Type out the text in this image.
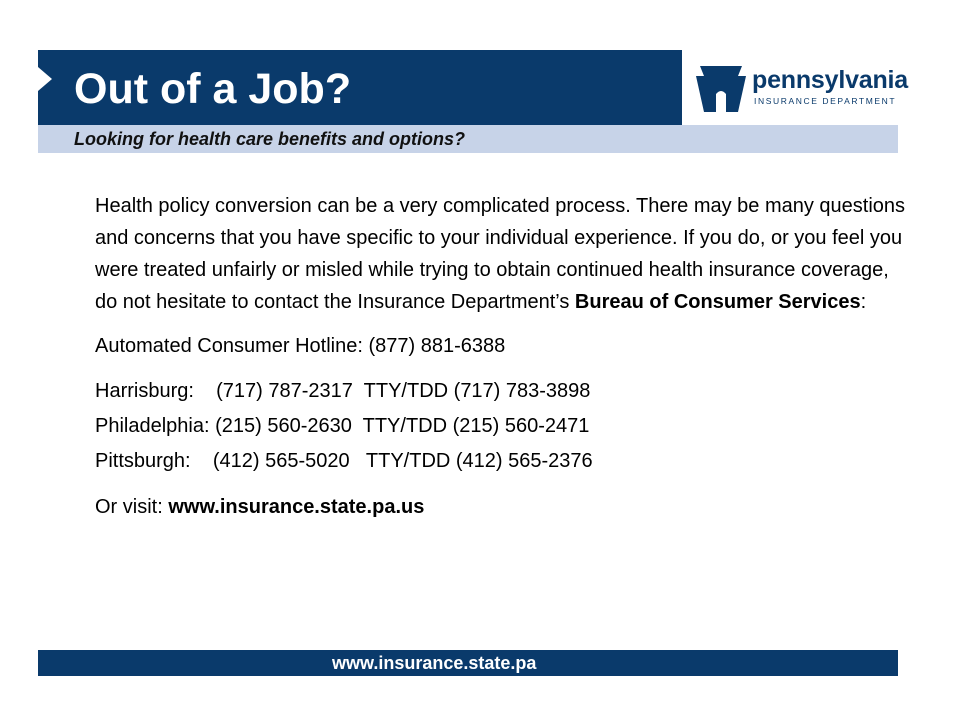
Out of a Job?
Looking for health care benefits and options?
pennsylvania
INSURANCE DEPARTMENT

Health policy conversion can be a very complicated process. There may be many questions and concerns that you have specific to your individual experience. If you do, or you feel you were treated unfairly or misled while trying to obtain continued health insurance coverage, do not hesitate to contact the Insurance Department’s Bureau of Consumer Services:

Automated Consumer Hotline: (877) 881-6388

Harrisburg:    (717) 787-2317  TTY/TDD (717) 783-3898
Philadelphia: (215) 560-2630  TTY/TDD (215) 560-2471
Pittsburgh:    (412) 565-5020   TTY/TDD (412) 565-2376

Or visit: www.insurance.state.pa.us

www.insurance.state.pa
